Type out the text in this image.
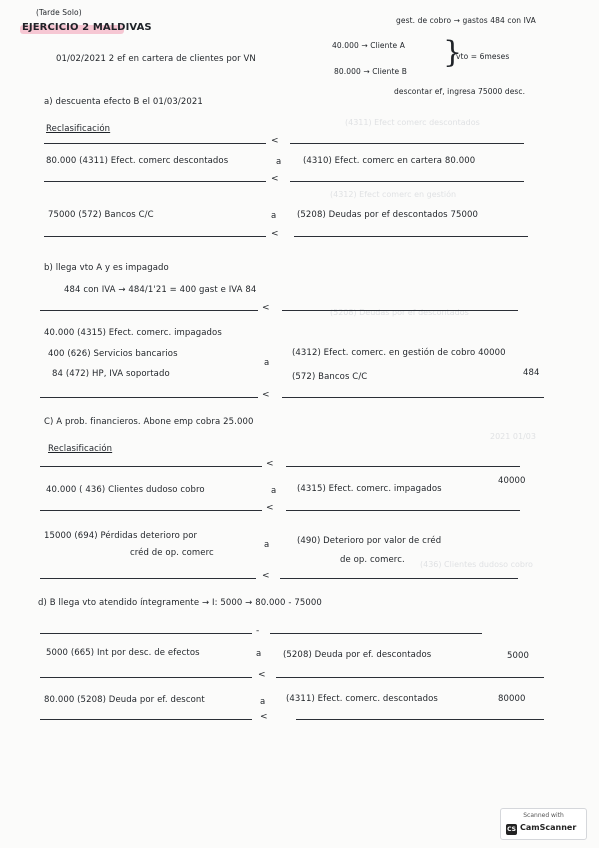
(4311) Efect comerc descontados
(4312) Efect comerc en gestión
(5208) Deudas por ef descontados
2021 01/03
(436) Clientes dudoso cobro
(Tarde Solo)
EJERCICIO 2 MALDIVAS
gest. de cobro → gastos 484 con IVA
01/02/2021 2 ef en cartera de clientes por VN
40.000 → Cliente A
80.000 → Cliente B
}
vto = 6meses
descontar ef, ingresa 75000 desc.
a) descuenta efecto B el 01/03/2021
Reclasificación
<
80.000 (4311) Efect. comerc descontados	a	(4310) Efect. comerc en cartera 80.000
<
75000 (572) Bancos C/C	a (5208) Deudas por ef descontados 75000
<
b) llega vto A y es impagado
484 con IVA → 484/1'21 = 400 gast e IVA 84
<
40.000 (4315) Efect. comerc. impagados
400 (626) Servicios bancarios
84 (472) HP, IVA soportado
a
(4312) Efect. comerc. en gestión de cobro 40000
(572) Bancos C/C	484
<
C) A prob. financieros. Abone emp cobra 25.000
Reclasificación
<
40.000 ( 436) Clientes dudoso cobro	a (4315) Efect. comerc. impagados
40000
<
15000 (694) Pérdidas deterioro por
créd de op. comerc
a	(490) Deterioro por valor de créd
de op. comerc.
<
d) B llega vto atendido íntegramente → I: 5000 → 80.000 - 75000
-
5000 (665) Int por desc. de efectos	a	(5208) Deuda por ef. descontados	5000
<
80.000 (5208) Deuda por ef. descont	a (4311) Efect. comerc. descontados	80000
<
Scanned with
CS CamScanner
